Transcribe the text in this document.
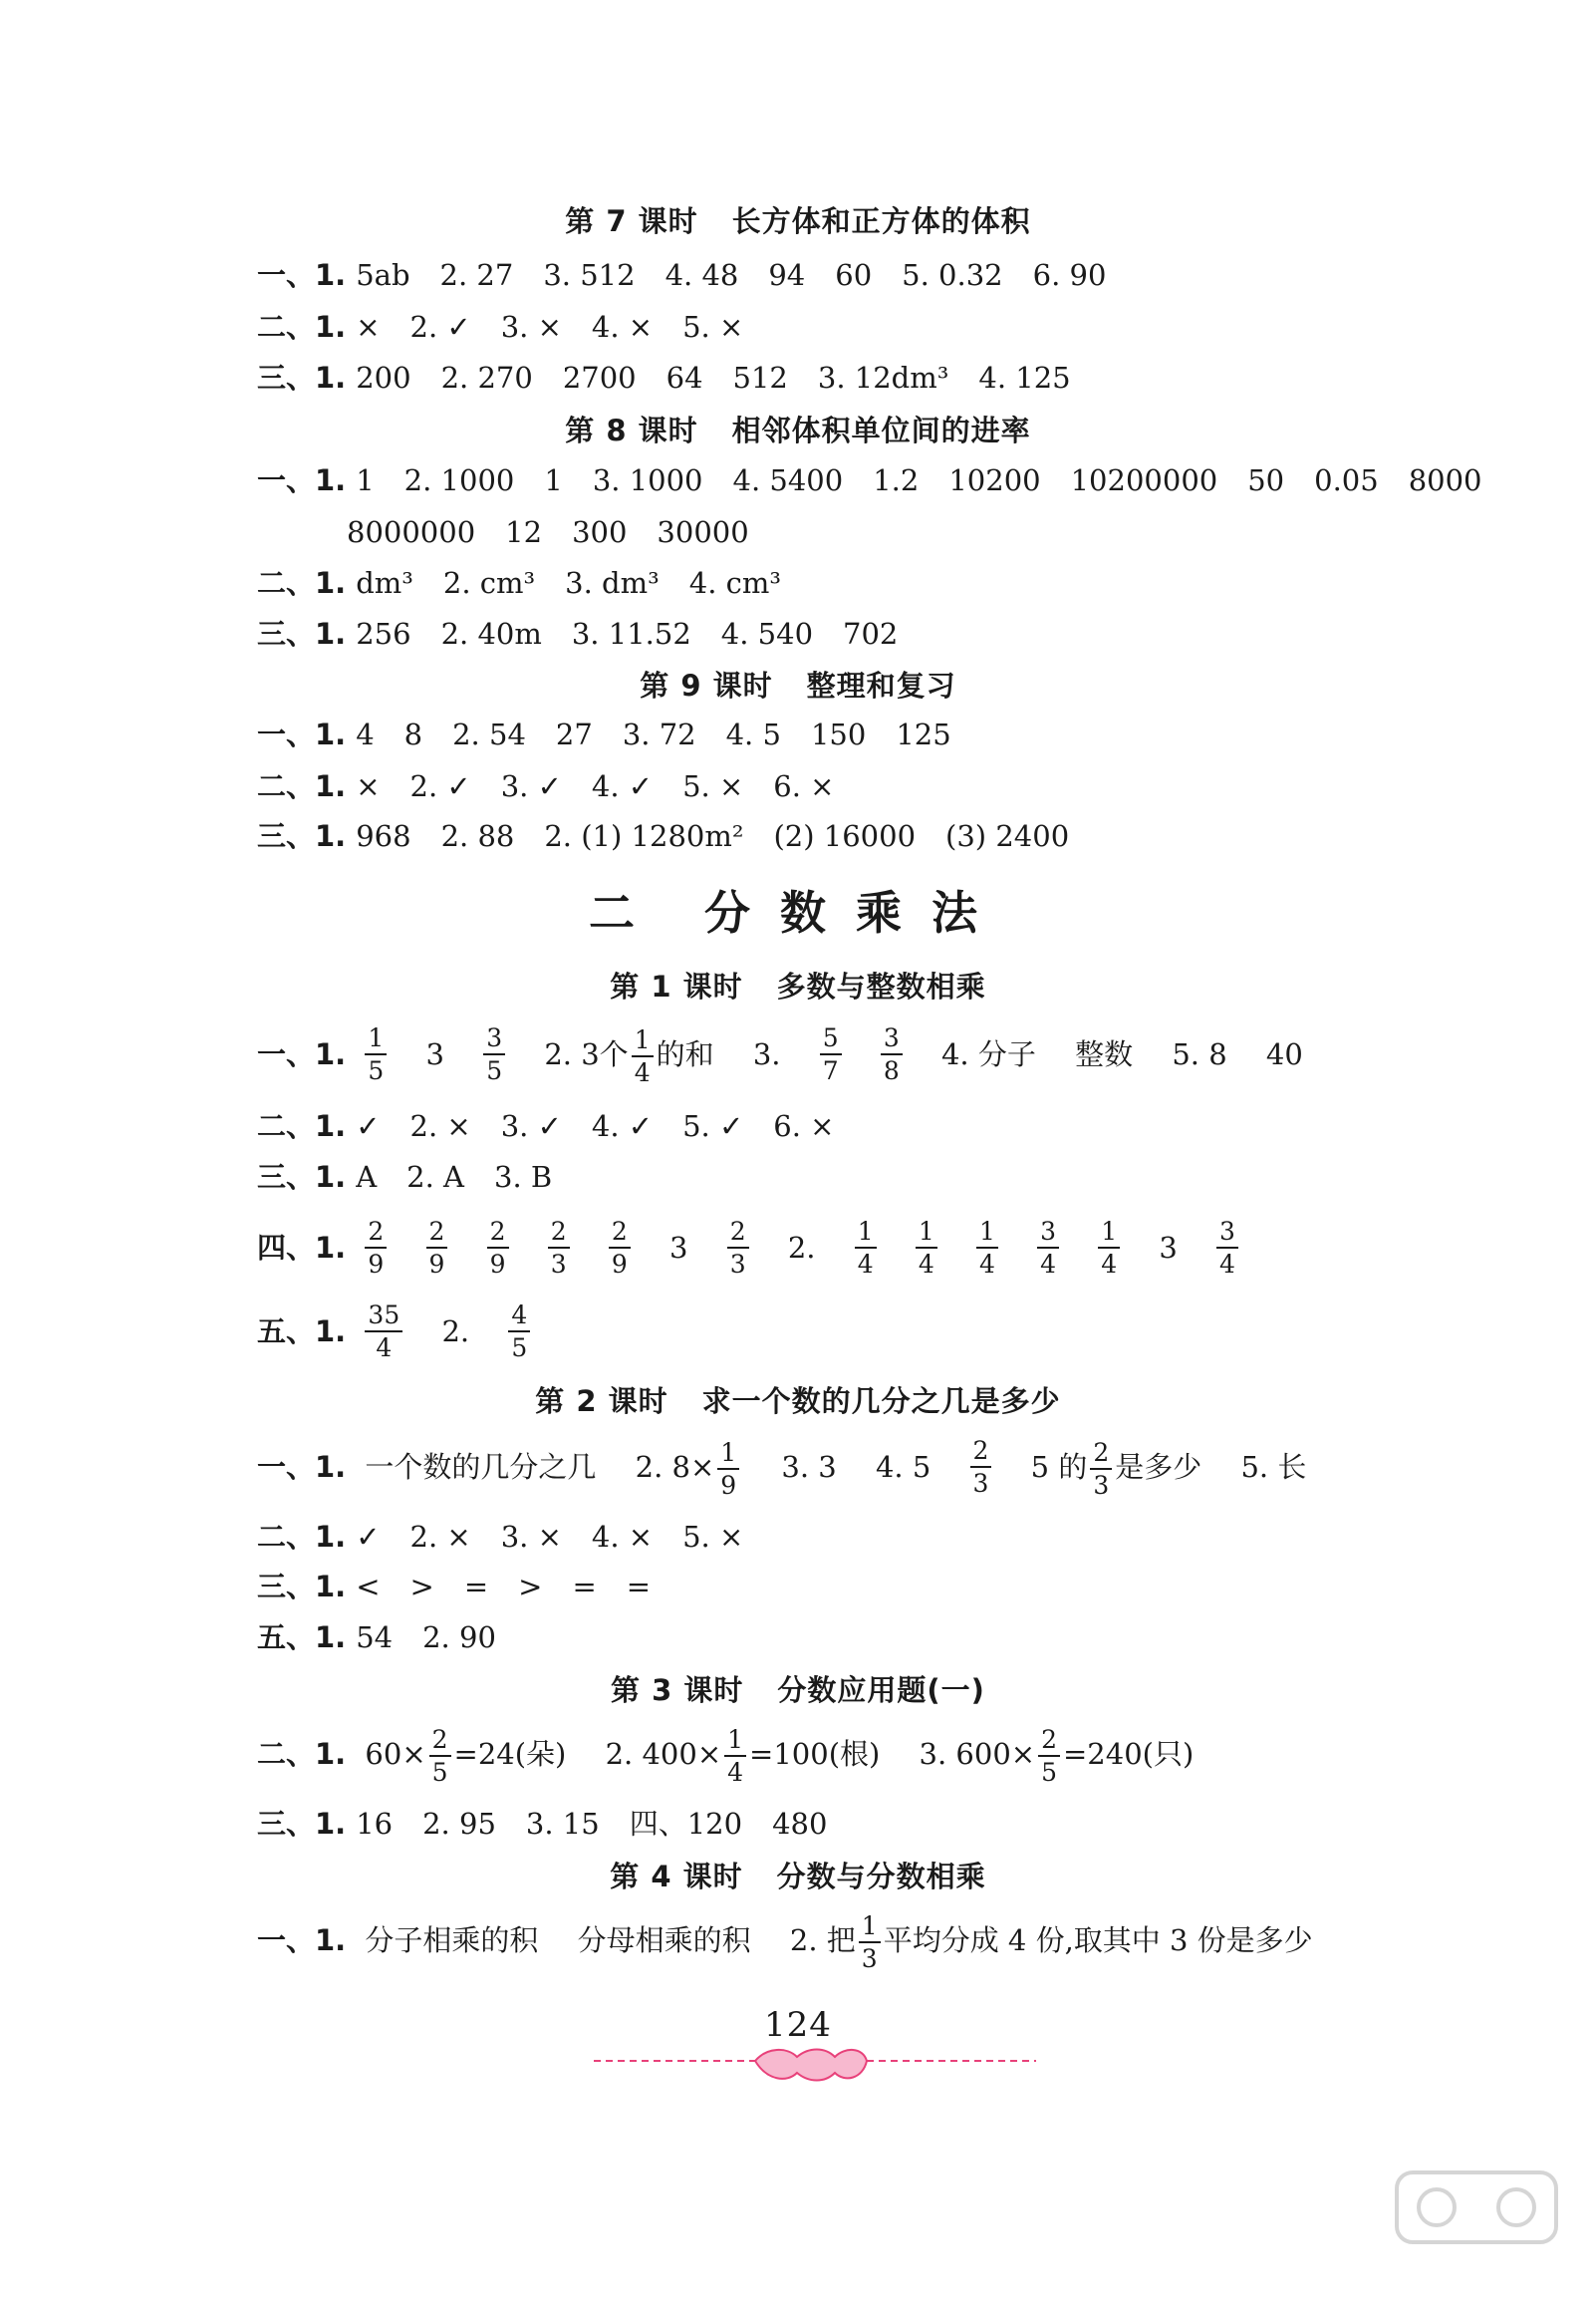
第 7 课时 长方体和正方体的体积
一、1. 5ab 2. 27 3. 512 4. 48 94 60 5. 0.32 6. 90
二、1. × 2. ✓ 3. × 4. × 5. ×
三、1. 200 2. 270 2700 64 512 3. 12dm³ 4. 125
第 8 课时 相邻体积单位间的进率
一、1. 1 2. 1000 1 3. 1000 4. 5400 1.2 10200 10200000 50 0.05 8000
8000000 12 300 30000
二、1. dm³ 2. cm³ 3. dm³ 4. cm³
三、1. 256 2. 40m 3. 11.52 4. 540 702
第 9 课时 整理和复习
一、1. 4 8 2. 54 27 3. 72 4. 5 150 125
二、1. × 2. ✓ 3. ✓ 4. ✓ 5. × 6. ×
三、1. 968 2. 88 2. (1) 1280m² (2) 16000 (3) 2400
二 分数乘法
第 1 课时 多数与整数相乘
一、1. $\frac{1}{5} 3 \frac{3}{5} 2$. 3个 $\frac{1}{4}$ 的和 3. $\frac{5}{7}$
$\frac{3}{8} 4$. 分子 整数 5. 8 40
二、1. ✓ 2. × 3. ✓ 4. ✓ 5. ✓ 6. ×
三、1. A 2. A 3. B
四、1. $\frac{2}{9}$
$\frac{2}{9}$
$\frac{2}{9}$
$\frac{2}{3}$
$\frac{2}{9} 3 \frac{2}{3} 2$. $\frac{1}{4}$
$\frac{1}{4}$
$\frac{1}{4}$
$\frac{3}{4}$
$\frac{1}{4} 3 \frac{3}{4}$
五、1. $\frac{35}{4} 2$. $\frac{4}{5}$
第 2 课时 求一个数的几分之几是多少
一、1. 一个数的几分之几 2. $8\times \frac{1}{9} 3$. 3 4. $5 \frac{2}{3} 5$ 的 $\frac{2}{3}$ 是多少 5. 长
二、1. ✓ 2. × 3. × 4. × 5. ×
三、1. < > = > = =
五、1. 54 2. 90
第 3 课时 分数应用题(一)
二、1. $60\times \frac{2}{5} =24$(朵) 2. $400\times \frac{1}{4} =100$(根) 3. $600\times \frac{2}{5} =240$(只)
三、1. 16 2. 95 3. 15 四、120 480
第 4 课时 分数与分数相乘
一、1. 分子相乘的积 分母相乘的积 2. 把 $\frac{1}{3}$ 平均分成 4 份,取其中 3 份是多少
124
